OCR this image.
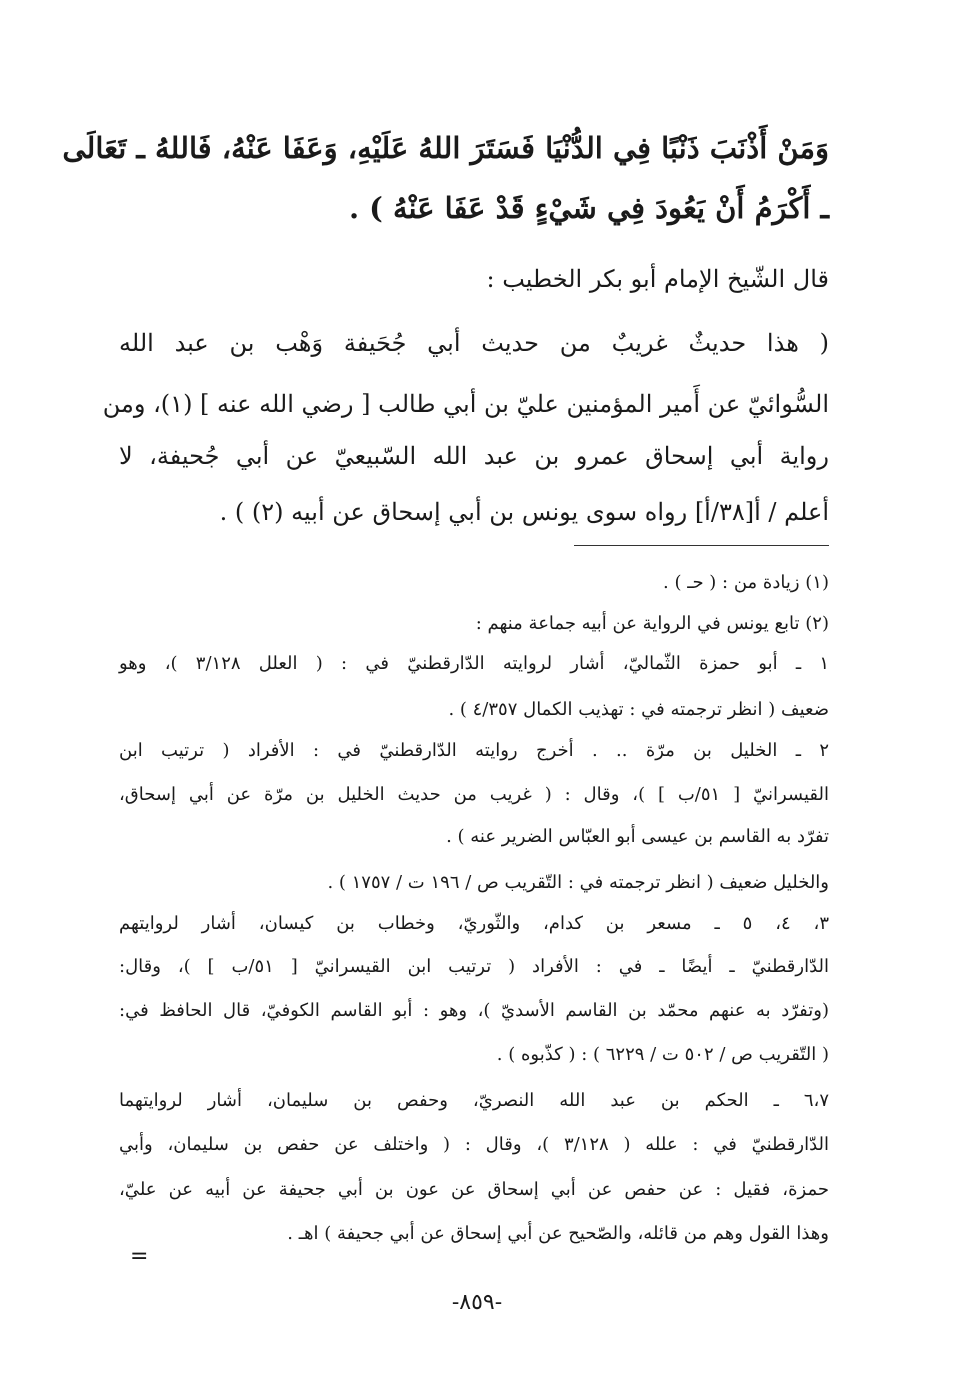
وَمَنْ أَذْنَبَ ذَنْبًا فِي الدُّنْيَا فَسَتَرَ اللهُ عَلَيْهِ، وَعَفَا عَنْهُ، فَاللهُ ـ تَعَالَى
ـ أَكْرَمُ أَنْ يَعُودَ فِي شَيْءٍ قَدْ عَفَا عَنْهُ ) .
قال الشّيخ الإمام أبو بكر الخطيب :
( هذا حديثٌ غريبٌ من حديث أبي جُحَيفة وَهْب بن عبد الله
السُّوائيّ عن أَمير المؤمنين عليّ بن أبي طالب [ رضي الله عنه ] (١)، ومن
رواية أبي إسحاق عمرو بن عبد الله السّبيعيّ عن أبي جُحيفة، لا
أعلم / أ[٣٨/أ] رواه سوى يونس بن أبي إسحاق عن أبيه (٢) ) .
(١) زيادة من : ( حـ ) .
(٢) تابع يونس في الرواية عن أبيه جماعة منهم :
١ ـ أبو حمزة الثّماليّ، أشار لروايته الدّارقطنيّ في : ( العلل ٣/١٢٨ )، وهو
ضعيف ( انظر ترجمته في : تهذيب الكمال ٤/٣٥٧ ) .
٢ ـ الخليل بن مرّة .. . أخرج روايته الدّارقطنيّ في : الأفراد ( ترتيب ابن
القيسرانيّ [ ٥١/ب ] )، وقال : ( غريب من حديث الخليل بن مرّة عن أبي إسحاق،
تفرّد به القاسم بن عيسى أبو العبّاس الضرير عنه ) .
والخليل ضعيف ( انظر ترجمته في : التّقريب ص / ١٩٦ ت / ١٧٥٧ ) .
٣، ٤، ٥ ـ مسعر بن كدام، والثّوريّ، وخطاب بن كيسان، أشار لروايتهم
الدّارقطنيّ ـ أيضًا ـ في : الأفراد ( ترتيب ابن القيسرانيّ [ ٥١/ب ] )، وقال:
(وتفرّد به عنهم محمّد بن القاسم الأسديّ )، وهو : أبو القاسم الكوفيّ، قال الحافظ في:
( التّقريب ص / ٥٠٢ ت / ٦٢٢٩ ) : ( كذّبوه ) .
٦،٧ ـ الحكم بن عبد الله النصريّ، وحفص بن سليمان، أشار لروايتهما
الدّارقطنيّ في : علله ( ٣/١٢٨ )، وقال : ( واختلف عن حفص بن سليمان، وأبي
حمزة، فقيل : عن حفص عن أبي إسحاق عن عون بن أبي جحيفة عن أبيه عن عليّ،
وهذا القول وهم من قائله، والصّحيح عن أبي إسحاق عن أبي جحيفة ) اهـ .
=
-٨٥٩-
